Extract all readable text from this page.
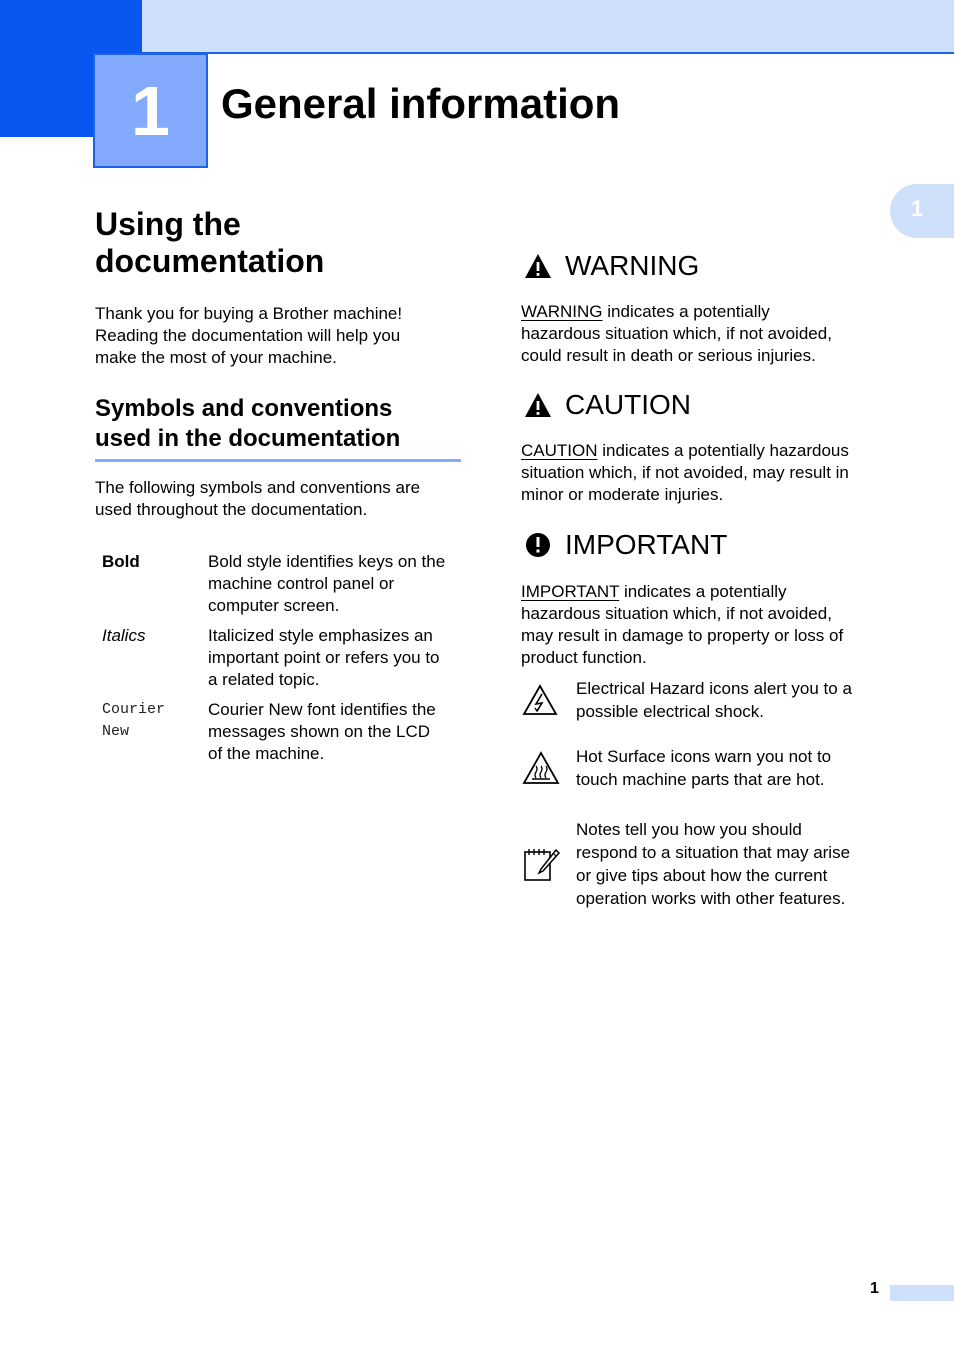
1	General information
1
Using the
documentation

Thank you for buying a Brother machine!
Reading the documentation will help you
make the most of your machine.

Symbols and conventions
used in the documentation

The following symbols and conventions are
used throughout the documentation.

Bold	Bold style identifies keys on the
machine control panel or
computer screen.
Italics	Italicized style emphasizes an
important point or refers you to
a related topic.
Courier
New	Courier New font identifies the
messages shown on the LCD
of the machine.
WARNING

WARNING indicates a potentially
hazardous situation which, if not avoided,
could result in death or serious injuries.

CAUTION

CAUTION indicates a potentially hazardous
situation which, if not avoided, may result in
minor or moderate injuries.

IMPORTANT

IMPORTANT indicates a potentially
hazardous situation which, if not avoided,
may result in damage to property or loss of
product function.

Electrical Hazard icons alert you to a
possible electrical shock.
Hot Surface icons warn you not to
touch machine parts that are hot.
Notes tell you how you should
respond to a situation that may arise
or give tips about how the current
operation works with other features.
1
